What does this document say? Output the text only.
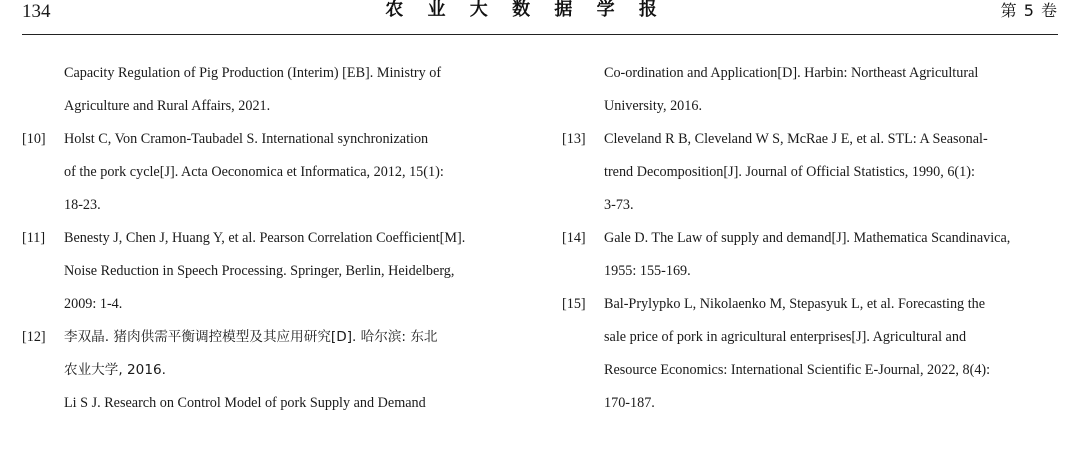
134	农 业 大 数 据 学 报	第 5 卷
Capacity Regulation of Pig Production (Interim) [EB]. Ministry of
Agriculture and Rural Affairs, 2021.
[10]	Holst C, Von Cramon-Taubadel S. International synchronization
of the pork cycle[J]. Acta Oeconomica et Informatica, 2012, 15(1):
18-23.
[11]	Benesty J, Chen J, Huang Y, et al. Pearson Correlation Coefficient[M].
Noise Reduction in Speech Processing. Springer, Berlin, Heidelberg,
2009: 1-4.
[12]	李双晶. 猪肉供需平衡调控模型及其应用研究[D]. 哈尔滨: 东北
农业大学, 2016.
Li S J. Research on Control Model of pork Supply and Demand
Co-ordination and Application[D]. Harbin: Northeast Agricultural
University, 2016.
[13]	Cleveland R B, Cleveland W S, McRae J E, et al. STL: A Seasonal-
trend Decomposition[J]. Journal of Official Statistics, 1990, 6(1):
3-73.
[14]	Gale D. The Law of supply and demand[J]. Mathematica Scandinavica,
1955: 155-169.
[15]	Bal-Prylypko L, Nikolaenko M, Stepasyuk L, et al. Forecasting the
sale price of pork in agricultural enterprises[J]. Agricultural and
Resource Economics: International Scientific E-Journal, 2022, 8(4):
170-187.
